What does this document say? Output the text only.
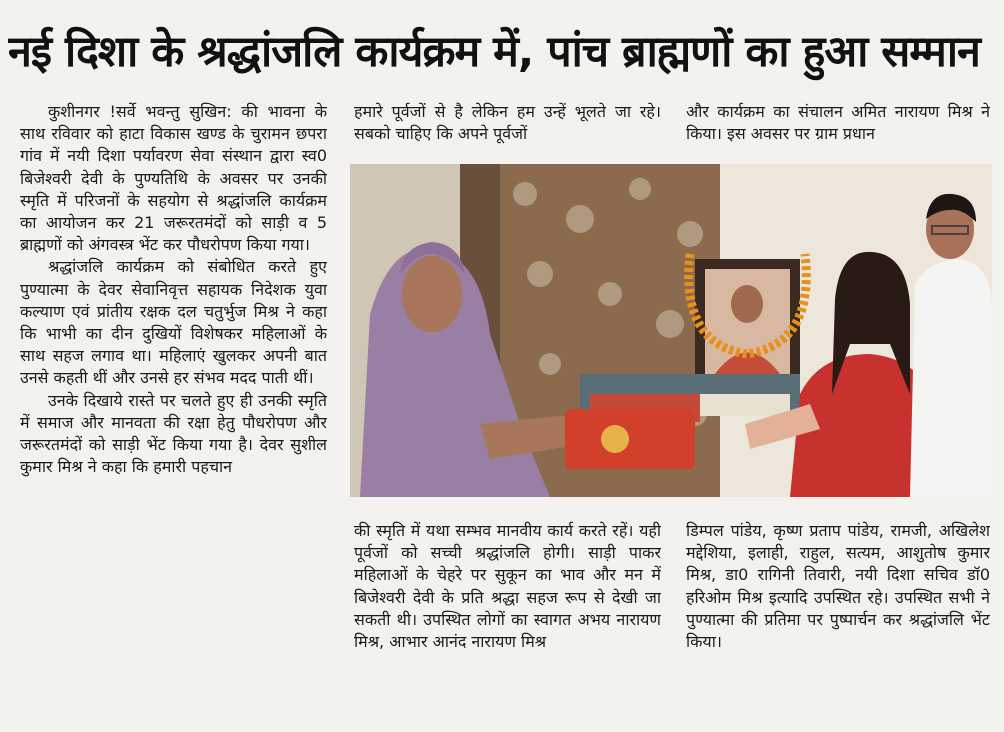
नई दिशा के श्रद्धांजलि कार्यक्रम में, पांच ब्राह्मणों का हुआ सम्मान

कुशीनगर !सर्वे भवन्तु सुखिन: की भावना के साथ रविवार को हाटा विकास खण्ड के चुरामन छपरा गांव में नयी दिशा पर्यावरण सेवा संस्थान द्वारा स्व0 बिजेश्वरी देवी के पुण्यतिथि के अवसर पर उनकी स्मृति में परिजनों के सहयोग से श्रद्धांजलि कार्यक्रम का आयोजन कर 21 जरूरतमंदों को साड़ी व 5 ब्राह्मणों को अंगवस्त्र भेंट कर पौधरोपण किया गया।

श्रद्धांजलि कार्यक्रम को संबोधित करते हुए पुण्यात्मा के देवर सेवानिवृत्त सहायक निदेशक युवा कल्याण एवं प्रांतीय रक्षक दल चतुर्भुज मिश्र ने कहा कि भाभी का दीन दुखियों विशेषकर महिलाओं के साथ सहज लगाव था। महिलाएं खुलकर अपनी बात उनसे कहती थीं और उनसे हर संभव मदद पाती थीं।

उनके दिखाये रास्ते पर चलते हुए ही उनकी स्मृति में समाज और मानवता की रक्षा हेतु पौधरोपण और जरूरतमंदों को साड़ी भेंट किया गया है। देवर सुशील कुमार मिश्र ने कहा कि हमारी पहचान

हमारे पूर्वजों से है लेकिन हम उन्हें भूलते जा रहे। सबको चाहिए कि अपने पूर्वजों

और कार्यक्रम का संचालन अमित नारायण मिश्र ने किया। इस अवसर पर ग्राम प्रधान

की स्मृति में यथा सम्भव मानवीय कार्य करते रहें। यही पूर्वजों को सच्ची श्रद्धांजलि होगी। साड़ी पाकर महिलाओं के चेहरे पर सुकून का भाव और मन में बिजेश्वरी देवी के प्रति श्रद्धा सहज रूप से देखी जा सकती थी। उपस्थित लोगों का स्वागत अभय नारायण मिश्र, आभार आनंद नारायण मिश्र

डिम्पल पांडेय, कृष्ण प्रताप पांडेय, रामजी, अखिलेश मद्देशिया, इलाही, राहुल, सत्यम, आशुतोष कुमार मिश्र, डा0 रागिनी तिवारी, नयी दिशा सचिव डॉ0 हरिओम मिश्र इत्यादि उपस्थित रहे। उपस्थित सभी ने पुण्यात्मा की प्रतिमा पर पुष्पार्चन कर श्रद्धांजलि भेंट किया।
